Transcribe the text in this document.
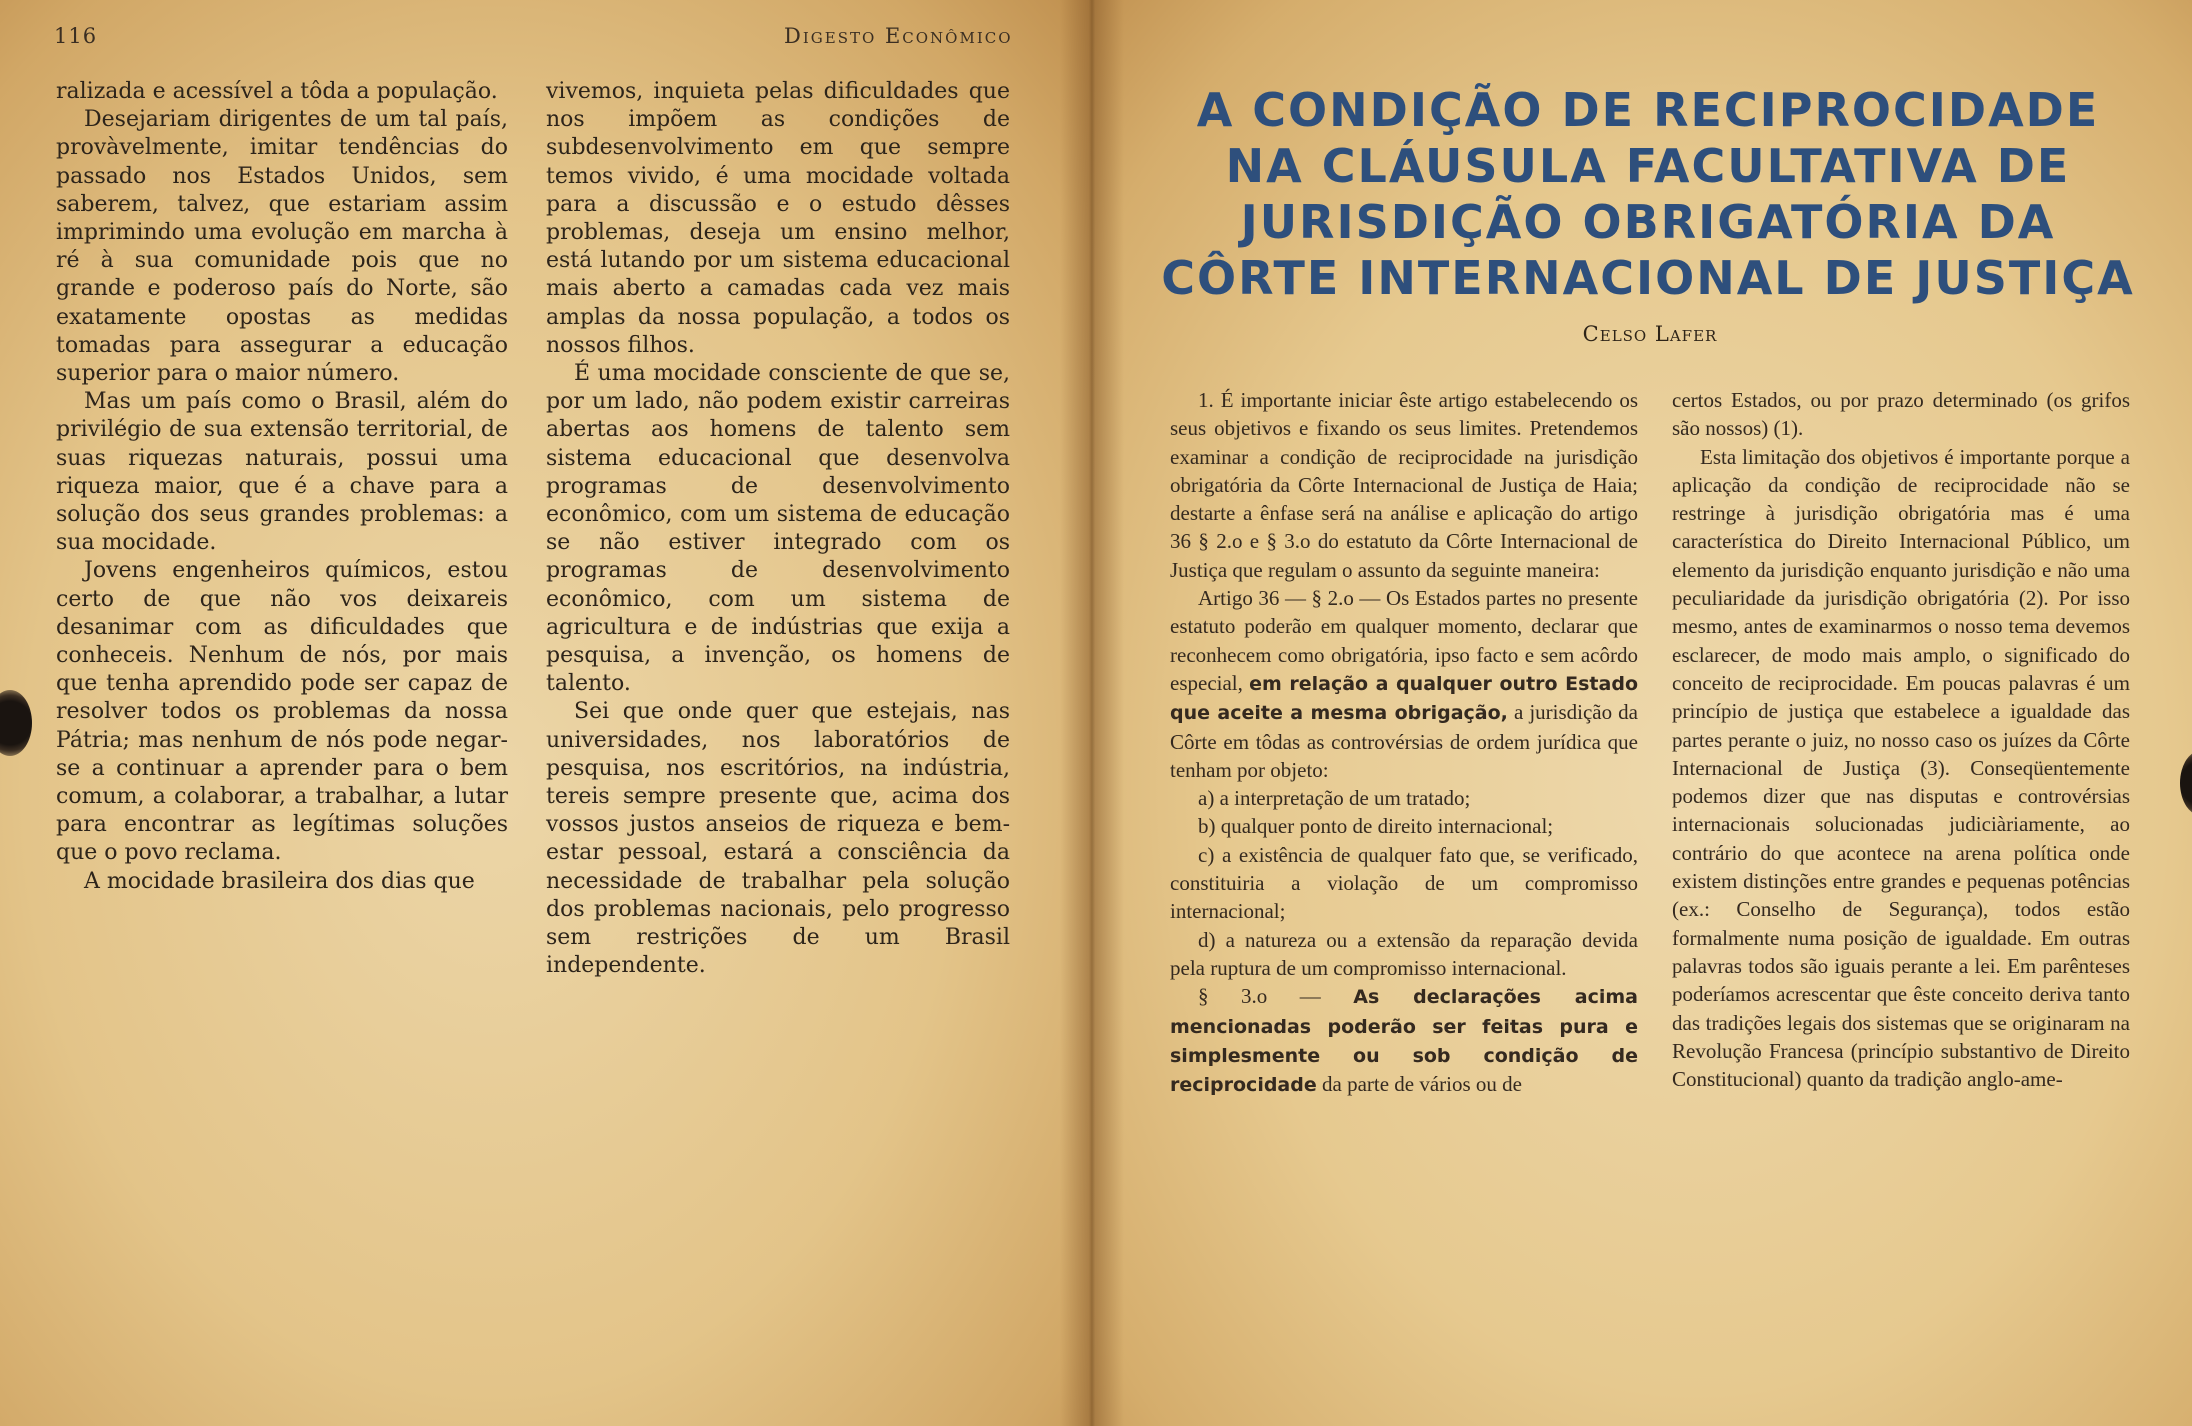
116	Digesto Econômico

ralizada e acessível a tôda a população.

Desejariam dirigentes de um tal país, provàvelmente, imitar tendências do passado nos Estados Unidos, sem saberem, talvez, que estariam assim imprimindo uma evolução em marcha à ré à sua comunidade pois que no grande e poderoso país do Norte, são exatamente opostas as medidas tomadas para assegurar a educação superior para o maior número.

Mas um país como o Brasil, além do privilégio de sua extensão territorial, de suas riquezas naturais, possui uma riqueza maior, que é a chave para a solução dos seus grandes problemas: a sua mocidade.

Jovens engenheiros químicos, estou certo de que não vos deixareis desanimar com as dificuldades que conheceis. Nenhum de nós, por mais que tenha aprendido pode ser capaz de resolver todos os problemas da nossa Pátria; mas nenhum de nós pode negar-se a continuar a aprender para o bem comum, a colaborar, a trabalhar, a lutar para encontrar as legítimas soluções que o povo reclama.

A mocidade brasileira dos dias que

vivemos, inquieta pelas dificuldades que nos impõem as condições de subdesenvolvimento em que sempre temos vivido, é uma mocidade voltada para a discussão e o estudo dêsses problemas, deseja um ensino melhor, está lutando por um sistema educacional mais aberto a camadas cada vez mais amplas da nossa população, a todos os nossos filhos.

É uma mocidade consciente de que se, por um lado, não podem existir carreiras abertas aos homens de talento sem sistema educacional que desenvolva programas de desenvolvimento econômico, com um sistema de educação se não estiver integrado com os programas de desenvolvimento econômico, com um sistema de agricultura e de indústrias que exija a pesquisa, a invenção, os homens de talento.

Sei que onde quer que estejais, nas universidades, nos laboratórios de pesquisa, nos escritórios, na indústria, tereis sempre presente que, acima dos vossos justos anseios de riqueza e bem-estar pessoal, estará a consciência da necessidade de trabalhar pela solução dos problemas nacionais, pelo progresso sem restrições de um Brasil independente.

A CONDIÇÃO DE RECIPROCIDADE
NA CLÁUSULA FACULTATIVA DE
JURISDIÇÃO OBRIGATÓRIA DA
CÔRTE INTERNACIONAL DE JUSTIÇA
Celso Lafer

1. É importante iniciar êste artigo estabelecendo os seus objetivos e fixando os seus limites. Pretendemos examinar a condição de reciprocidade na jurisdição obrigatória da Côrte Internacional de Justiça de Haia; destarte a ênfase será na análise e aplicação do artigo 36 § 2.o e § 3.o do estatuto da Côrte Internacional de Justiça que regulam o assunto da seguinte maneira:

Artigo 36 — § 2.o — Os Estados partes no presente estatuto poderão em qualquer momento, declarar que reconhecem como obrigatória, ipso facto e sem acôrdo especial, em relação a qualquer outro Estado que aceite a mesma obrigação, a jurisdição da Côrte em tôdas as controvérsias de ordem jurídica que tenham por objeto:

a) a interpretação de um tratado;

b) qualquer ponto de direito internacional;

c) a existência de qualquer fato que, se verificado, constituiria a violação de um compromisso internacional;

d) a natureza ou a extensão da reparação devida pela ruptura de um compromisso internacional.

§ 3.o — As declarações acima mencionadas poderão ser feitas pura e simplesmente ou sob condição de reciprocidade da parte de vários ou de

certos Estados, ou por prazo determinado (os grifos são nossos) (1).

Esta limitação dos objetivos é importante porque a aplicação da condição de reciprocidade não se restringe à jurisdição obrigatória mas é uma característica do Direito Internacional Público, um elemento da jurisdição enquanto jurisdição e não uma peculiaridade da jurisdição obrigatória (2). Por isso mesmo, antes de examinarmos o nosso tema devemos esclarecer, de modo mais amplo, o significado do conceito de reciprocidade. Em poucas palavras é um princípio de justiça que estabelece a igualdade das partes perante o juiz, no nosso caso os juízes da Côrte Internacional de Justiça (3). Conseqüentemente podemos dizer que nas disputas e controvérsias internacionais solucionadas judiciàriamente, ao contrário do que acontece na arena política onde existem distinções entre grandes e pequenas potências (ex.: Conselho de Segurança), todos estão formalmente numa posição de igualdade. Em outras palavras todos são iguais perante a lei. Em parênteses poderíamos acrescentar que êste conceito deriva tanto das tradições legais dos sistemas que se originaram na Revolução Francesa (princípio substantivo de Direito Constitucional) quanto da tradição anglo-ame-
